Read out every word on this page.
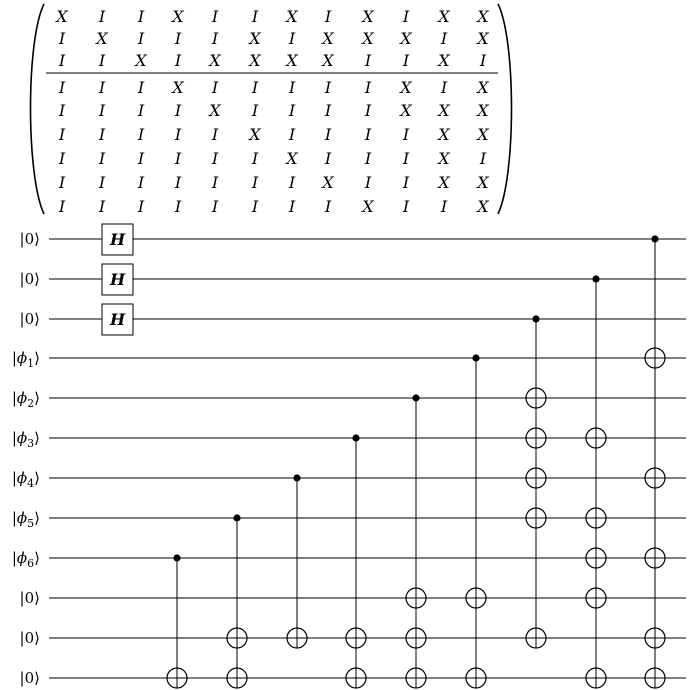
X I I X I I X I X I X X
I X I I I X I X X X I X
I I X I X X X X I I X I
I I I X I I I I I X I X
I I I I X I I I I X X X
I I I I I X I I I I X X
I I I I I I X I I I X I
I I I I I I I X I I X X
I I I I I I I I X I I X
|0⟩
|0⟩
|0⟩
$|\phi_1⟩$
$|\phi_2⟩$
$|\phi_3⟩$
$|\phi_4⟩$
$|\phi_5⟩$
$|\phi_6⟩$
|0⟩
|0⟩
|0⟩
H
H
H
